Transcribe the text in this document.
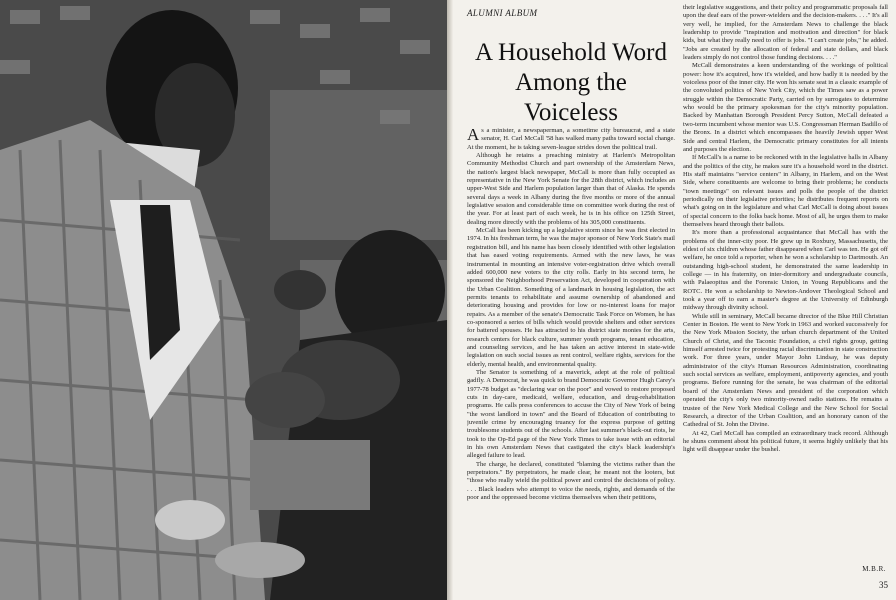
ALUMNI ALBUM
A Household Word
Among the Voiceless

As a minister, a newspaperman, a sometime city bureaucrat, and a state senator, H. Carl McCall '58 has walked many paths toward social change. At the moment, he is taking seven-league strides down the political trail.

Although he retains a preaching ministry at Harlem's Metropolitan Community Methodist Church and part ownership of the Amsterdam News, the nation's largest black newspaper, McCall is more than fully occupied as representative in the New York Senate for the 28th district, which includes an upper-West Side and Harlem population larger than that of Alaska. He spends several days a week in Albany during the five months or more of the annual legislative session and considerable time on committee work during the rest of the year. For at least part of each week, he is in his office on 125th Street, dealing more directly with the problems of his 305,000 constituents.

McCall has been kicking up a legislative storm since he was first elected in 1974. In his freshman term, he was the major sponsor of New York State's mail registration bill, and his name has been closely identified with other legislation that has eased voting requirements. Armed with the new laws, he was instrumental in mounting an intensive voter-registration drive which overall added 600,000 new voters to the city rolls. Early in his second term, he sponsored the Neighborhood Preservation Act, developed in cooperation with the Urban Coalition. Something of a landmark in housing legislation, the act permits tenants to rehabilitate and assume ownership of abandoned and deteriorating housing and provides for low or no-interest loans for major repairs. As a member of the senate's Democratic Task Force on Women, he has co-sponsored a series of bills which would provide shelters and other services for battered spouses. He has attracted to his district state monies for the arts, research centers for black culture, summer youth programs, tenant education, and counseling services, and he has taken an active interest in state-wide legislation on such social issues as rent control, welfare rights, services for the elderly, mental health, and environmental quality.

The Senator is something of a maverick, adept at the role of political gadfly. A Democrat, he was quick to brand Democratic Governor Hugh Carey's 1977-78 budget as "declaring war on the poor" and vowed to restore proposed cuts in day-care, medicaid, welfare, education, and drug-rehabilitation programs. He calls press conferences to accuse the City of New York of being "the worst landlord in town" and the Board of Education of contributing to juvenile crime by encouraging truancy for the express purpose of getting troublesome students out of the schools. After last summer's black-out riots, he took to the Op-Ed page of the New York Times to take issue with an editorial in his own Amsterdam News that castigated the city's black leadership's alleged failure to lead.

The charge, he declared, constituted "blaming the victims rather than the perpetrators." By perpetrators, he made clear, he meant not the looters, but "those who really wield the political power and control the decisions of policy. . . . Black leaders who attempt to voice the needs, rights, and demands of the poor and the oppressed become victims themselves when their petitions,

their legislative suggestions, and their policy and programmatic proposals fall upon the deaf ears of the power-wielders and the decision-makers. . . ." It's all very well, he implied, for the Amsterdam News to challenge the black leadership to provide "inspiration and motivation and direction" for black kids, but what they really need to offer is jobs. "I can't create jobs," he added. "Jobs are created by the allocation of federal and state dollars, and black leaders simply do not control those funding decisions. . . ."

McCall demonstrates a keen understanding of the workings of political power: how it's acquired, how it's wielded, and how badly it is needed by the voiceless poor of the inner city. He won his senate seat in a classic example of the convoluted politics of New York City, which the Times saw as a power struggle within the Democratic Party, carried on by surrogates to determine who would be the primary spokesman for the city's minority population. Backed by Manhattan Borough President Percy Sutton, McCall defeated a two-term incumbent whose mentor was U.S. Congressman Herman Badillo of the Bronx. In a district which encompasses the heavily Jewish upper West Side and central Harlem, the Democratic primary constitutes for all intents and purposes the election.

If McCall's is a name to be reckoned with in the legislative halls in Albany and the politics of the city, he makes sure it's a household word in the district. His staff maintains "service centers" in Albany, in Harlem, and on the West Side, where constituents are welcome to bring their problems; he conducts "town meetings" on relevant issues and polls the people of the district periodically on their legislative priorities; he distributes frequent reports on what's going on in the legislature and what Carl McCall is doing about issues of special concern to the folks back home. Most of all, he urges them to make themselves heard through their ballots.

It's more than a professional acquaintance that McCall has with the problems of the inner-city poor. He grew up in Roxbury, Massachusetts, the eldest of six children whose father disappeared when Carl was ten. He got off welfare, he once told a reporter, when he won a scholarship to Dartmouth. An outstanding high-school student, he demonstrated the same leadership in college — in his fraternity, on inter-dormitory and undergraduate councils, with Palaeopitus and the Forensic Union, in Young Republicans and the ROTC. He won a scholarship to Newton-Andover Theological School and took a year off to earn a master's degree at the University of Edinburgh midway through divinity school.

While still in seminary, McCall became director of the Blue Hill Christian Center in Boston. He went to New York in 1963 and worked successively for the New York Mission Society, the urban church department of the United Church of Christ, and the Taconic Foundation, a civil rights group, getting himself arrested twice for protesting racial discrimination in state construction work. For three years, under Mayor John Lindsay, he was deputy administrator of the city's Human Resources Administration, coordinating such social services as welfare, employment, antipoverty agencies, and youth programs. Before running for the senate, he was chairman of the editorial board of the Amsterdam News and president of the corporation which operated the city's only two minority-owned radio stations. He remains a trustee of the New York Medical College and the New School for Social Research, a director of the Urban Coalition, and an honorary canon of the Cathedral of St. John the Divine.

At 42, Carl McCall has compiled an extraordinary track record. Although he shuns comment about his political future, it seems highly unlikely that his light will disappear under the bushel.

M.B.R.
35
